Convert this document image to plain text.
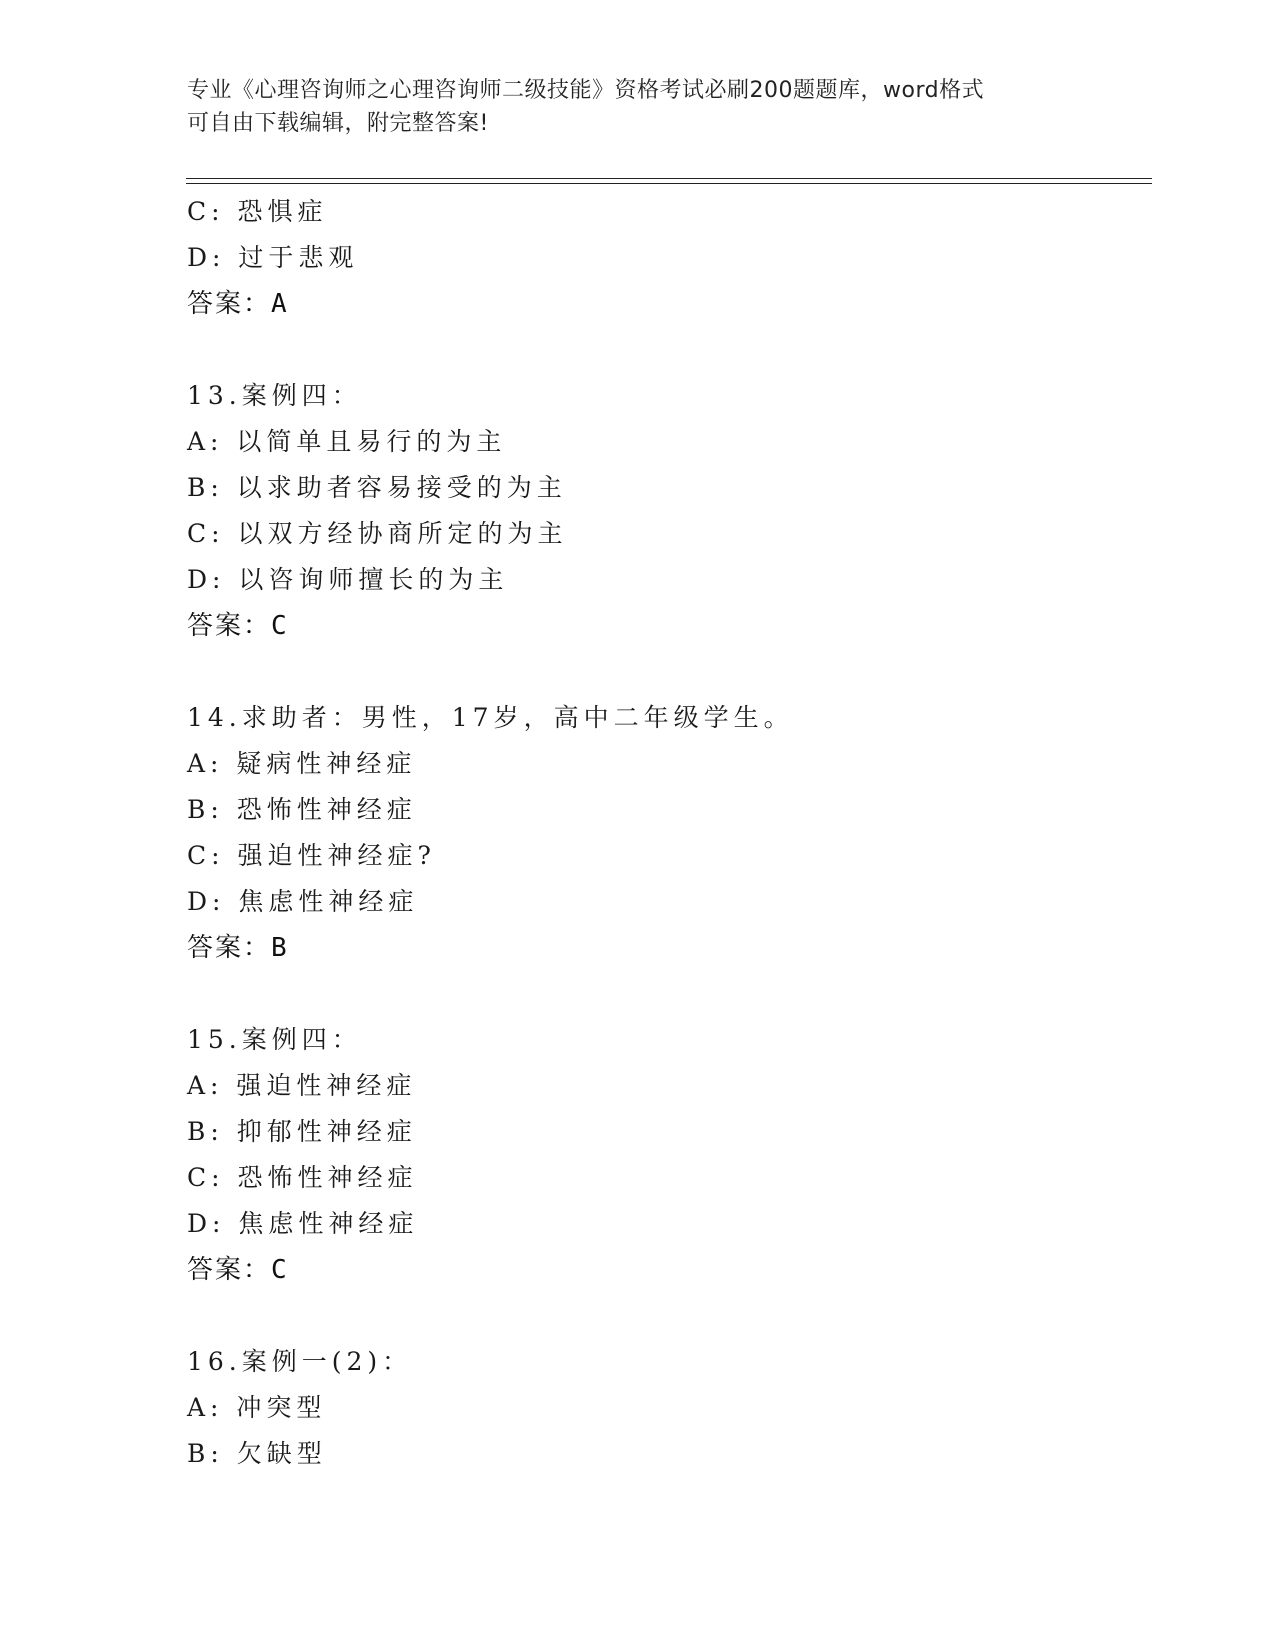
专业《心理咨询师之心理咨询师二级技能》资格考试必刷200题题库，word格式
可自由下载编辑，附完整答案!
C: 恐惧症
D: 过于悲观
答案：A
13.案例四：
A: 以简单且易行的为主
B: 以求助者容易接受的为主
C: 以双方经协商所定的为主
D: 以咨询师擅长的为主
答案：C
14.求助者：男性，17岁，高中二年级学生。
A: 疑病性神经症
B: 恐怖性神经症
C: 强迫性神经症?
D: 焦虑性神经症
答案：B
15.案例四：
A: 强迫性神经症
B: 抑郁性神经症
C: 恐怖性神经症
D: 焦虑性神经症
答案：C
16.案例一(2)：
A: 冲突型
B: 欠缺型
